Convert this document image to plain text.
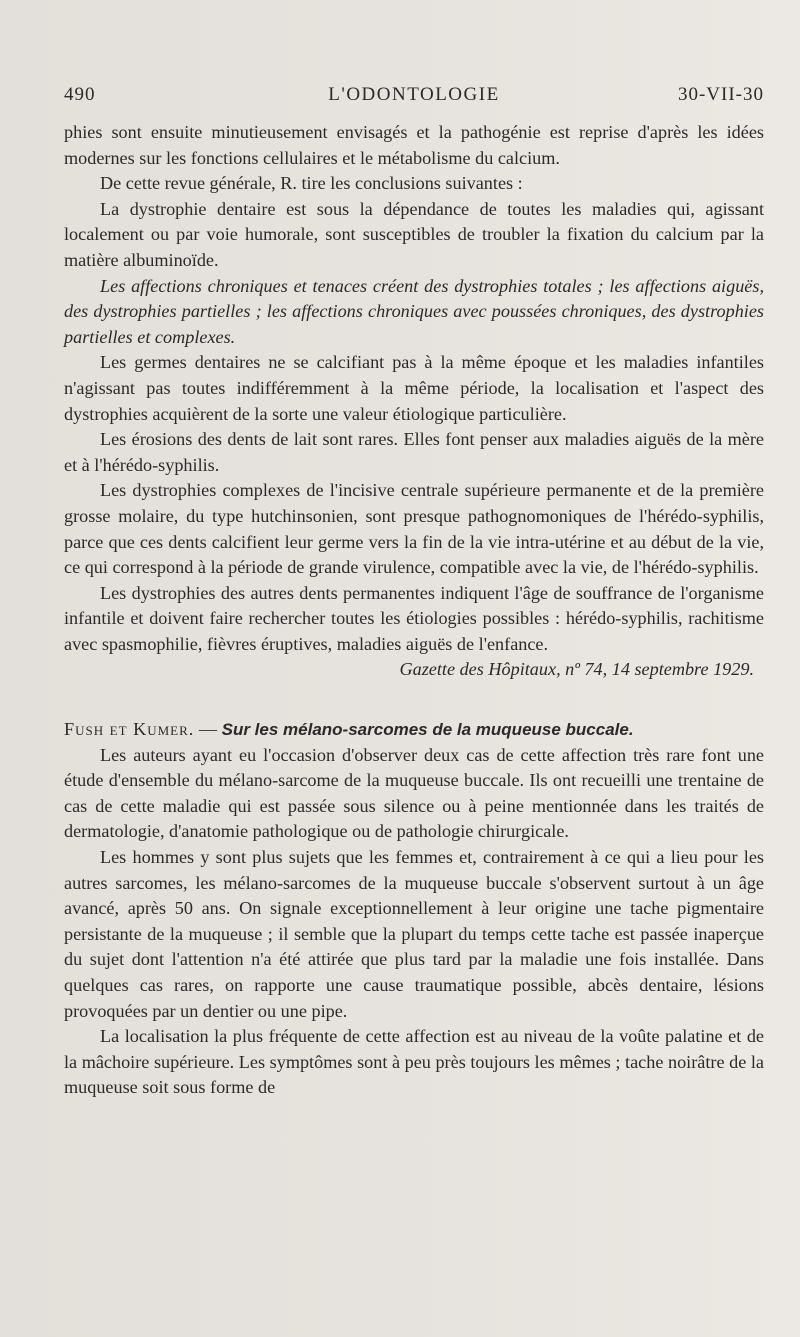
490	L'ODONTOLOGIE	30-VII-30

phies sont ensuite minutieusement envisagés et la pathogénie est reprise d'après les idées modernes sur les fonctions cellulaires et le métabolisme du calcium.

De cette revue générale, R. tire les conclusions suivantes :

La dystrophie dentaire est sous la dépendance de toutes les maladies qui, agissant localement ou par voie humorale, sont susceptibles de troubler la fixation du calcium par la matière albuminoïde.

Les affections chroniques et tenaces créent des dystrophies totales ; les affections aiguës, des dystrophies partielles ; les affections chroniques avec poussées chroniques, des dystrophies partielles et complexes.

Les germes dentaires ne se calcifiant pas à la même époque et les maladies infantiles n'agissant pas toutes indifféremment à la même période, la localisation et l'aspect des dystrophies acquièrent de la sorte une valeur étiologique particulière.

Les érosions des dents de lait sont rares. Elles font penser aux maladies aiguës de la mère et à l'hérédo-syphilis.

Les dystrophies complexes de l'incisive centrale supérieure permanente et de la première grosse molaire, du type hutchinsonien, sont presque pathognomoniques de l'hérédo-syphilis, parce que ces dents calcifient leur germe vers la fin de la vie intra-utérine et au début de la vie, ce qui correspond à la période de grande virulence, compatible avec la vie, de l'hérédo-syphilis.

Les dystrophies des autres dents permanentes indiquent l'âge de souffrance de l'organisme infantile et doivent faire rechercher toutes les étiologies possibles : hérédo-syphilis, rachitisme avec spasmophilie, fièvres éruptives, maladies aiguës de l'enfance.

Gazette des Hôpitaux, nº 74, 14 septembre 1929.

Fush et Kumer. — Sur les mélano-sarcomes de la muqueuse buccale.

Les auteurs ayant eu l'occasion d'observer deux cas de cette affection très rare font une étude d'ensemble du mélano-sarcome de la muqueuse buccale. Ils ont recueilli une trentaine de cas de cette maladie qui est passée sous silence ou à peine mentionnée dans les traités de dermatologie, d'anatomie pathologique ou de pathologie chirurgicale.

Les hommes y sont plus sujets que les femmes et, contrairement à ce qui a lieu pour les autres sarcomes, les mélano-sarcomes de la muqueuse buccale s'observent surtout à un âge avancé, après 50 ans. On signale exceptionnellement à leur origine une tache pigmentaire persistante de la muqueuse ; il semble que la plupart du temps cette tache est passée inaperçue du sujet dont l'attention n'a été attirée que plus tard par la maladie une fois installée. Dans quelques cas rares, on rapporte une cause traumatique possible, abcès dentaire, lésions provoquées par un dentier ou une pipe.

La localisation la plus fréquente de cette affection est au niveau de la voûte palatine et de la mâchoire supérieure. Les symptômes sont à peu près toujours les mêmes ; tache noirâtre de la muqueuse soit sous forme de
